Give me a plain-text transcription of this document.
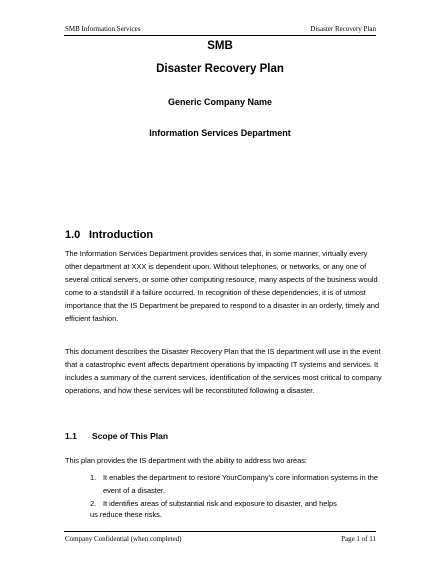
SMB Information Services	Disaster Recovery Plan
SMB
Disaster Recovery Plan
Generic Company Name
Information Services Department
1.0 Introduction

The Information Services Department provides services that, in some manner, virtually every other department at XXX is dependent upon. Without telephones, or networks, or any one of several critical servers, or some other computing resource, many aspects of the business would come to a standstill if a failure occurred. In recognition of these dependencies, it is of utmost importance that the IS Department be prepared to respond to a disaster in an orderly, timely and efficient fashion.

This document describes the Disaster Recovery Plan that the IS department will use in the event that a catastrophic event affects department operations by impacting IT systems and services. It includes a summary of the current services, identification of the services most critical to company operations, and how these services will be reconstituted following a disaster.

1.1 Scope of This Plan

This plan provides the IS department with the ability to address two areas:

1. It enables the department to restore YourCompany's core information systems in the event of a disaster.
2. It identifies areas of substantial risk and exposure to disaster, and helps
us reduce these risks.
Company Confidential (when completed)	Page 1 of 11
